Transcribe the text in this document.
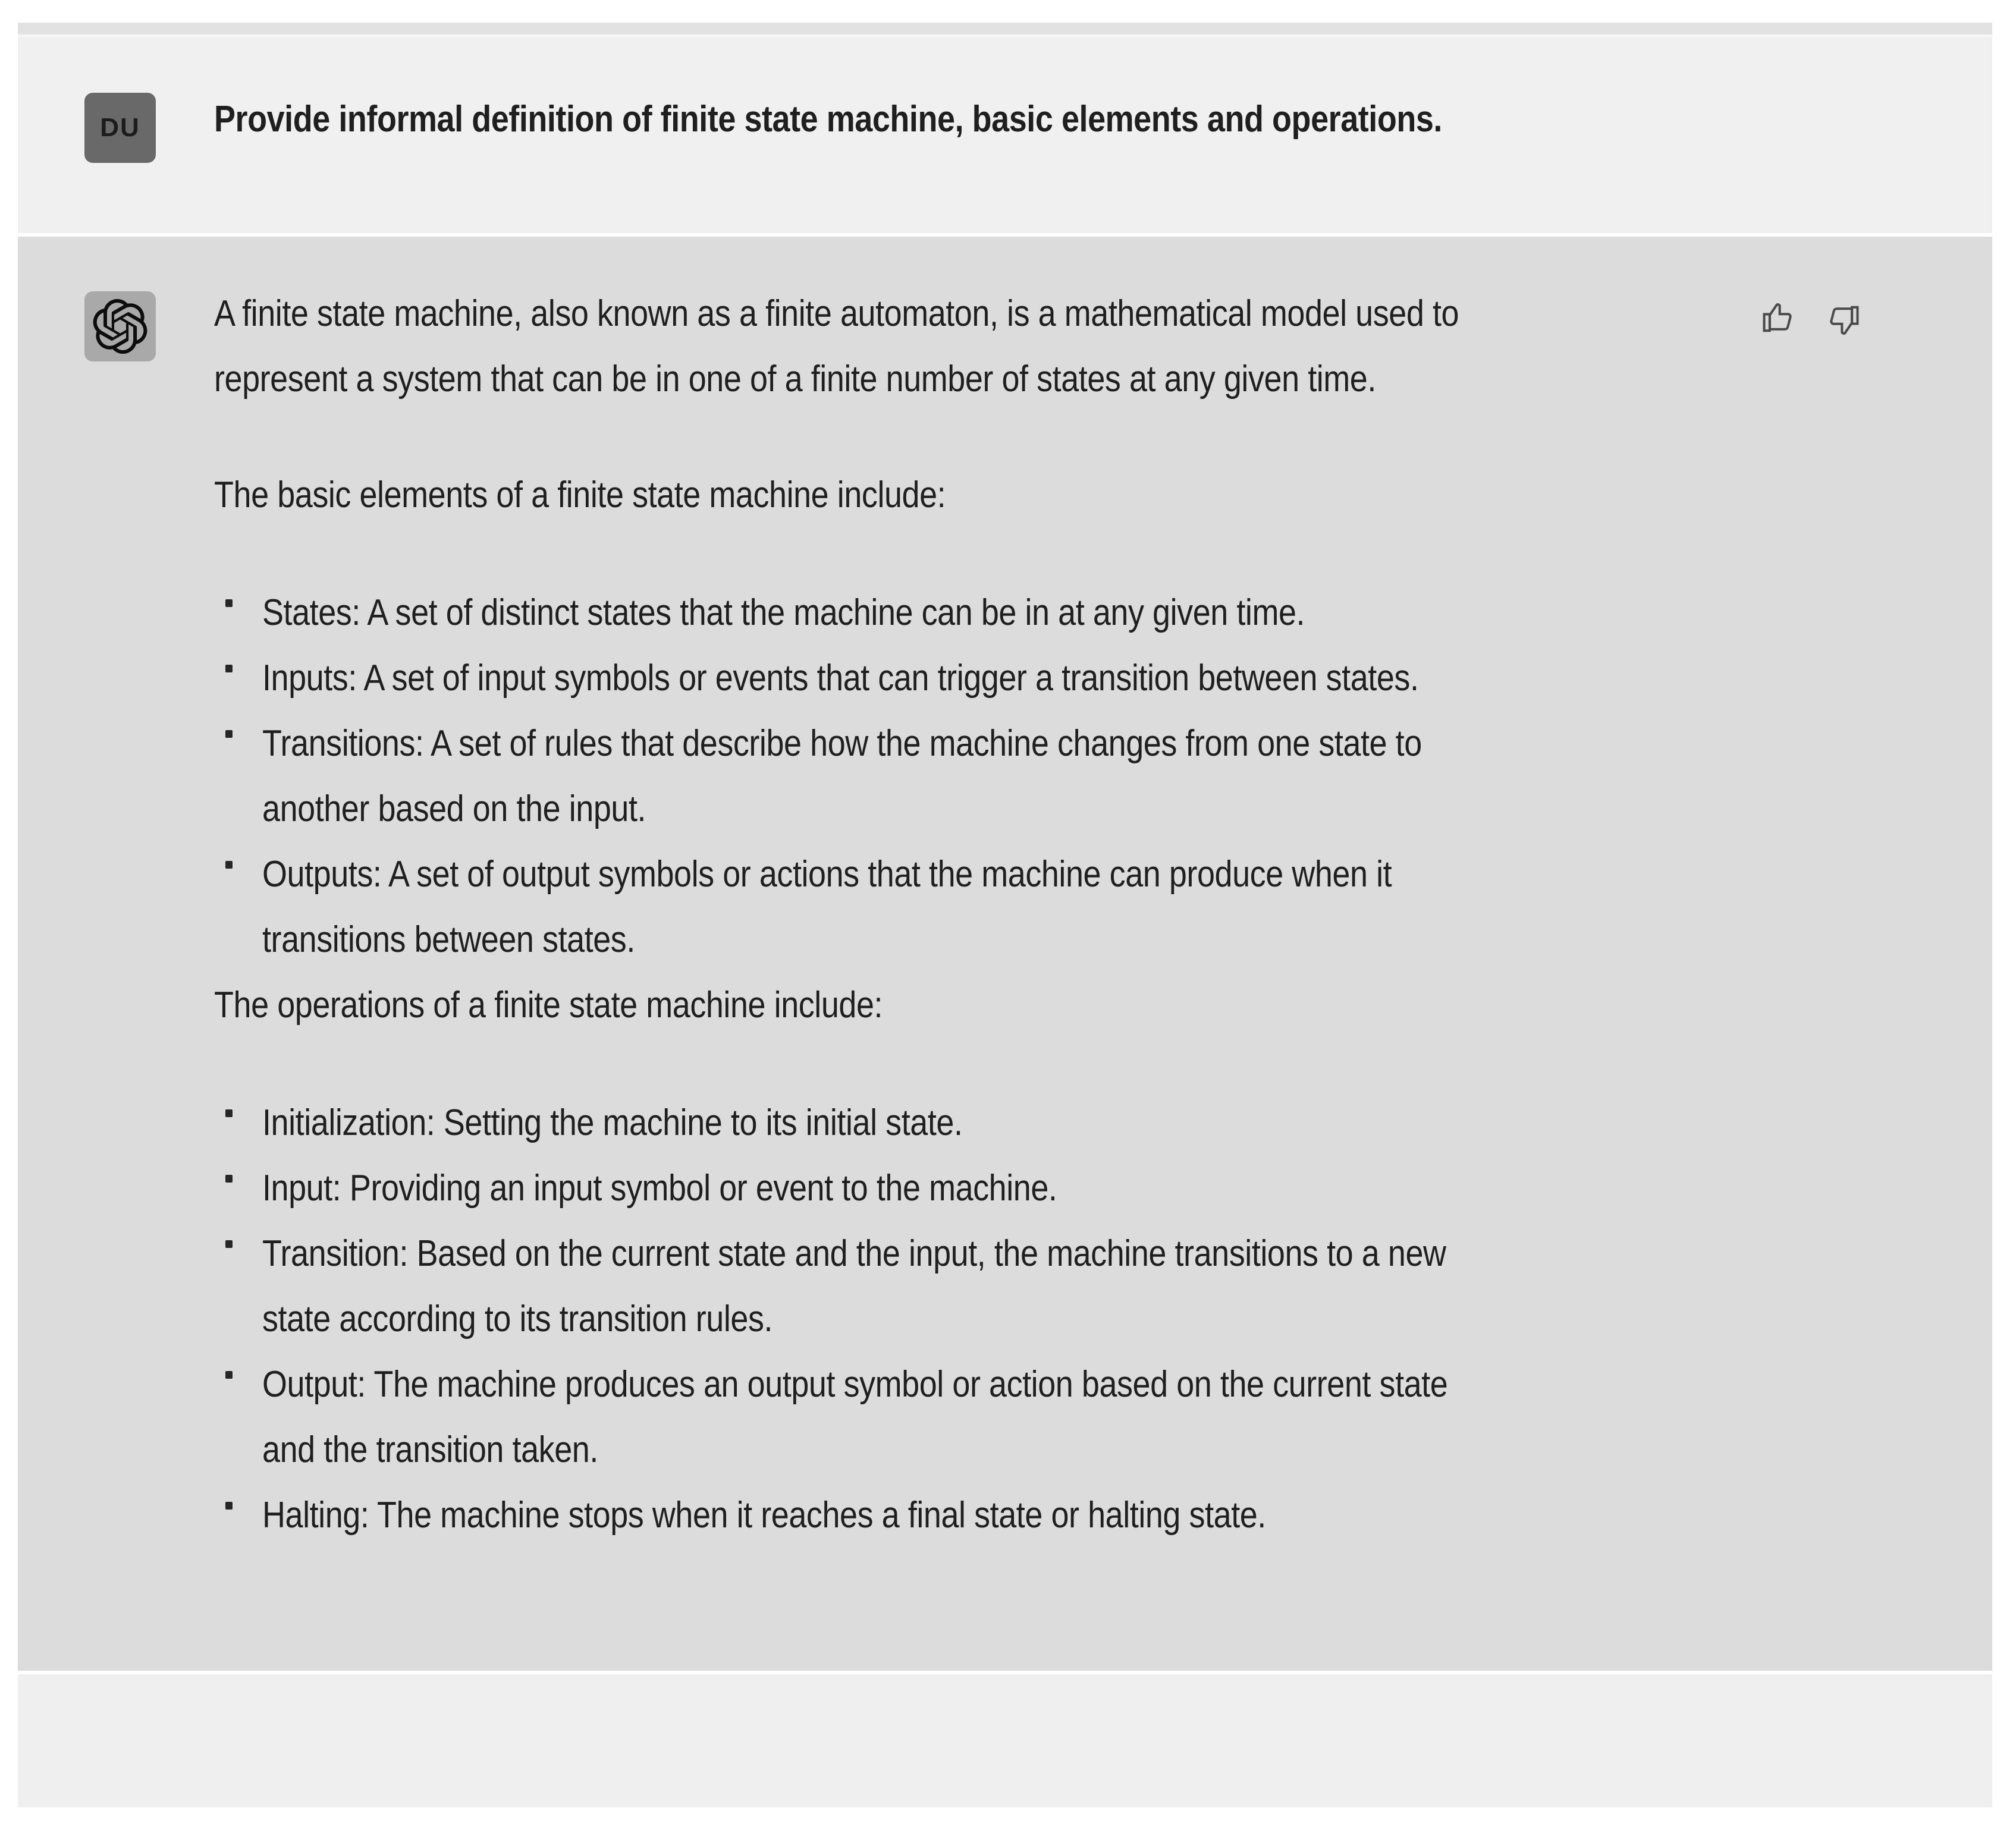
DU Provide informal definition of finite state machine, basic elements and operations.
A finite state machine, also known as a finite automaton, is a mathematical model used to
represent a system that can be in one of a finite number of states at any given time.
The basic elements of a finite state machine include:
States: A set of distinct states that the machine can be in at any given time.
Inputs: A set of input symbols or events that can trigger a transition between states.
Transitions: A set of rules that describe how the machine changes from one state to
another based on the input.
Outputs: A set of output symbols or actions that the machine can produce when it
transitions between states.
The operations of a finite state machine include:
Initialization: Setting the machine to its initial state.
Input: Providing an input symbol or event to the machine.
Transition: Based on the current state and the input, the machine transitions to a new
state according to its transition rules.
Output: The machine produces an output symbol or action based on the current state
and the transition taken.
Halting: The machine stops when it reaches a final state or halting state.
